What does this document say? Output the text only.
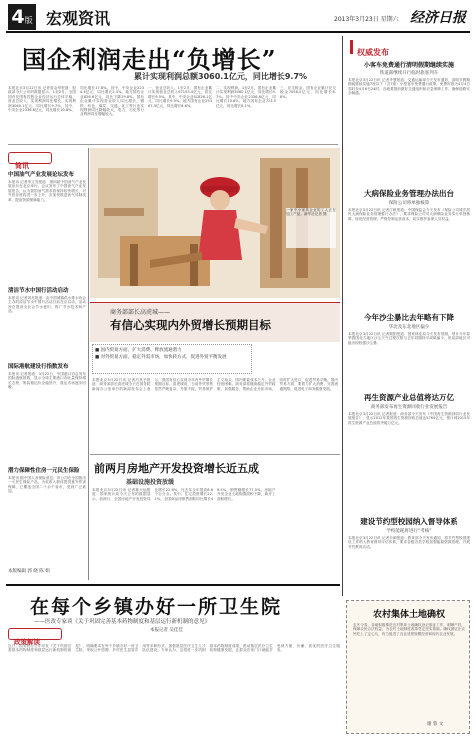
4版 宏观资讯	2013年3月23日 星期六 经济日报
国企利润走出“负增长”
累计实现利润总额3060.1亿元，同比增长9.7%
本报北京3月22日讯 记者曾金华报道：财政部今天公布的数据显示，1至2月，全国国有及国有控股企业经济运行总体平稳，营业总收入、实现利润同比增长，实现利润3060.1亿元，同比增长9.7%，其中，中央企业2336.6亿元，同比增长10.8%。
同比增长17.8%。其中，中央企业2234.4亿元，同比增长2.4%。地方国有企业826.6亿元，同比下降29.8%。国有企业累计实现营业收入同比增长，钢铁、有色、煤炭、交通、化工等行业实现利润同比降幅较大，电力、石化等行业利润同比增幅较大。
一、营业总收入。1至2月，国有企业累计实现营业总收入67193.4亿元，同比增长9.5%。其中，中央企业41826.1亿元，同比增长9.9%。地方国有企业25367.3亿元，同比增长8.6%。
二、实现利润。1至2月，国有企业累计实现利润3060.1亿元，同比增长9.7%。其中中央企业2336.6亿元，同比增长10.8%，地方国有企业723.5亿元，同比增长6.1%。
三、应交税金。国有企业累计应交税金7056.5亿元，同比增长8.8%。
简讯
中国油气产业发展论坛发布
本报讯 记者李文亮报道：第四届中国油气产业发展论坛在北京举行，会议发布了中国油气产业发展报告，认为我国油气需求将保持较快增长，对外依存度将进一步上升，应加快推进油气体制改革，提高资源保障能力。
清洁节水中国行活动启动
本报讯 记者刘亮报道：由中国城镇供水排水协会主办的清洁节水中国行活动日前在京启动，活动旨在提高全社会节水意识，推广节水技术和产品。
国际港航建设行指数发布
本报讯 记者报道：3月22日，中国港口协会发布国际港航指数，显示全球主要港口吞吐量保持增长态势，集装箱运价企稳回升，航运市场逐步回暖。
潜力保障性住房一元民生保险
本报讯 据中国人寿保险消息，该公司在全国推出一元民生保险产品，为低收入群体提供意外伤害保障，已覆盖全国二十余个省市，受到广泛欢迎。
本版编辑 郭 晓 陈 娟
一家中小家具企业的工人正在加工产品。新华社记者 摄
商务部部长高虎城——
有信心实现内外贸增长预期目标
■ 国内贸易方面，扩大消费、释放流通潜力
■ 对外贸易方面，稳定外需市场，加快转方式，促进外贸平衡发展
本报北京3月22日讯 记者冯其予报道：商务部部长高虎城今天在国务院新闻办公室举行的新闻发布会上表示，我国有信心实现今年内外贸增长预期目标。高虎城说，当前外贸形势依然严峻复杂，外需不振，贸易保护主义抬头，国内要素成本上升，企业经营困难。商务部将继续稳定外贸政策，加强服务，帮助企业开拓市场，同时扩大进口，促进贸易平衡。国内贸易方面，要着力扩大消费，完善流通网络，促进电子商务健康发展。
前两月房地产开发投资增长近五成
基础设施投资放缓
本报北京3月22日讯 记者林火灿报道：国家统计局今天公布的数据显示，前两月，全国房地产开发投资同比增长22.8%，比去年全年提高6.6个百分点。其中，住宅投资增长22.1%。全国商品房销售面积同比增长49.5%，销售额增长77.5%。房地产开发企业土地购置面积下降，新开工面积增长。
权威发布
小客车免费通行清明假期继续实施
铁道部继续开行临时旅客列车
本报北京3月22日讯 记者齐慧报道：交通运输部今天发布通知，清明节假期期间继续实施7座以下（含7座）小型客车免费通行政策，免费时段为4月4日零时至4月6日24时。各地要提前做好交通组织和应急保障工作，确保道路安全畅通。
大病保险业务管理办法出台
保险公司将单独核算
本报北京3月22日讯 记者江帆报道：中国保监会今天发布《保险公司城乡居民大病保险业务管理暂行办法》，要求保险公司对大病保险业务实行单独核算，规范经营管理，严格控制运营成本，切实维护参保人员权益。
今年沙尘暴比去年略有下降
华北及东北地区偏少
本报北京3月22日讯 记者顾阳报道：国家林业局今天发布预测，预计今年春季我国北方地区沙尘天气过程次数与去年同期持平或略偏少，但局部地区可能出现较强沙尘暴。
再生资源产业总值将达万亿
商务部发布再生资源回收行业发展报告
本报北京3月22日讯 记者报道：商务部今天发布《中国再生资源回收行业发展报告》，显示2012年我国再生资源回收总值达5764亿元，预计到2015年再生资源产业总值将突破万亿元。
建设节约型校园纳入督导体系
学校能耗将进行“考核”
本报北京3月22日讯 记者佘颖报道：教育部今天发布通知，将节约型校园建设工作纳入教育督导评估体系，要求各级各类学校加强能源资源管理，开展节约教育活动。
在每个乡镇办好一所卫生院
——医改专家谈《关于巩固完善基本药物制度和基层运行新机制的意见》
本报记者 吴佳佳
政策解读
近日，国务院办公厅印发《关于巩固完善基本药物制度和基层运行新机制的意见》，明确要求在每个乡镇办好一所卫生院，采取公开招聘、乡村医生县管乡用等多种形式，加强基层医疗卫生人才队伍建设。专家认为，这将进一步巩固基本药物制度成果，推动基层医疗卫生机构健康发展，让群众在家门口就能享受到方便、价廉、质优的医疗卫生服务。
农村集体土地确权
去冬今春，各地积极推进农村集体土地确权登记颁证工作，明晰产权，保障农民合法权益，为农村土地制度改革奠定坚实基础。确权颁证让农民吃上了定心丸，有力促进了农业适度规模经营和现代农业发展。
谢 蓉 文
